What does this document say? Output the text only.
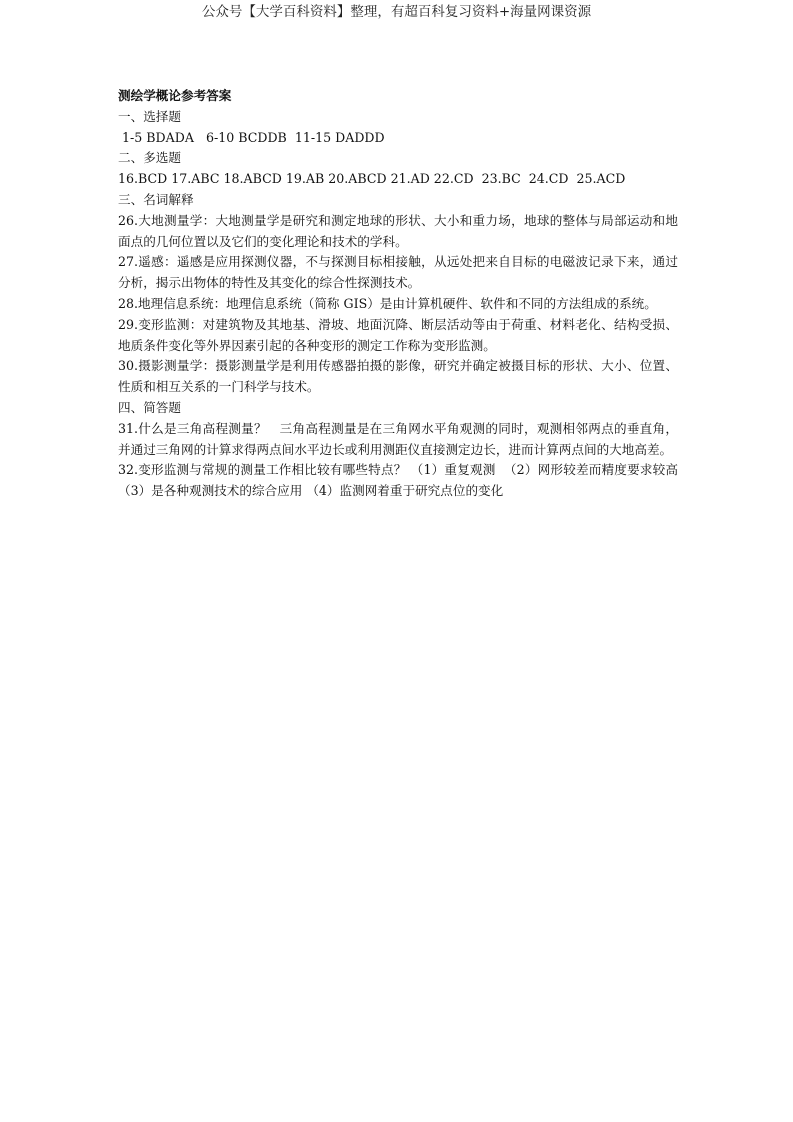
公众号【大学百科资料】整理，有超百科复习资料+海量网课资源

测绘学概论参考答案

一、选择题

1-5 BDADA   6-10 BCDDB  11-15 DADDD

二、多选题

16.BCD 17.ABC 18.ABCD 19.AB 20.ABCD 21.AD 22.CD  23.BC  24.CD  25.ACD

三、名词解释

26.大地测量学：大地测量学是研究和测定地球的形状、大小和重力场，地球的整体与局部运动和地面点的几何位置以及它们的变化理论和技术的学科。

27.遥感：遥感是应用探测仪器，不与探测目标相接触，从远处把来自目标的电磁波记录下来，通过分析，揭示出物体的特性及其变化的综合性探测技术。

28.地理信息系统：地理信息系统（简称 GIS）是由计算机硬件、软件和不同的方法组成的系统。

29.变形监测：对建筑物及其地基、滑坡、地面沉降、断层活动等由于荷重、材料老化、结构受损、地质条件变化等外界因素引起的各种变形的测定工作称为变形监测。

30.摄影测量学：摄影测量学是利用传感器拍摄的影像，研究并确定被摄目标的形状、大小、位置、性质和相互关系的一门科学与技术。

四、简答题

31.什么是三角高程测量？   三角高程测量是在三角网水平角观测的同时，观测相邻两点的垂直角，并通过三角网的计算求得两点间水平边长或利用测距仪直接测定边长，进而计算两点间的大地高差。

32.变形监测与常规的测量工作相比较有哪些特点？ （1）重复观测  （2）网形较差而精度要求较高 （3）是各种观测技术的综合应用 （4）监测网着重于研究点位的变化
